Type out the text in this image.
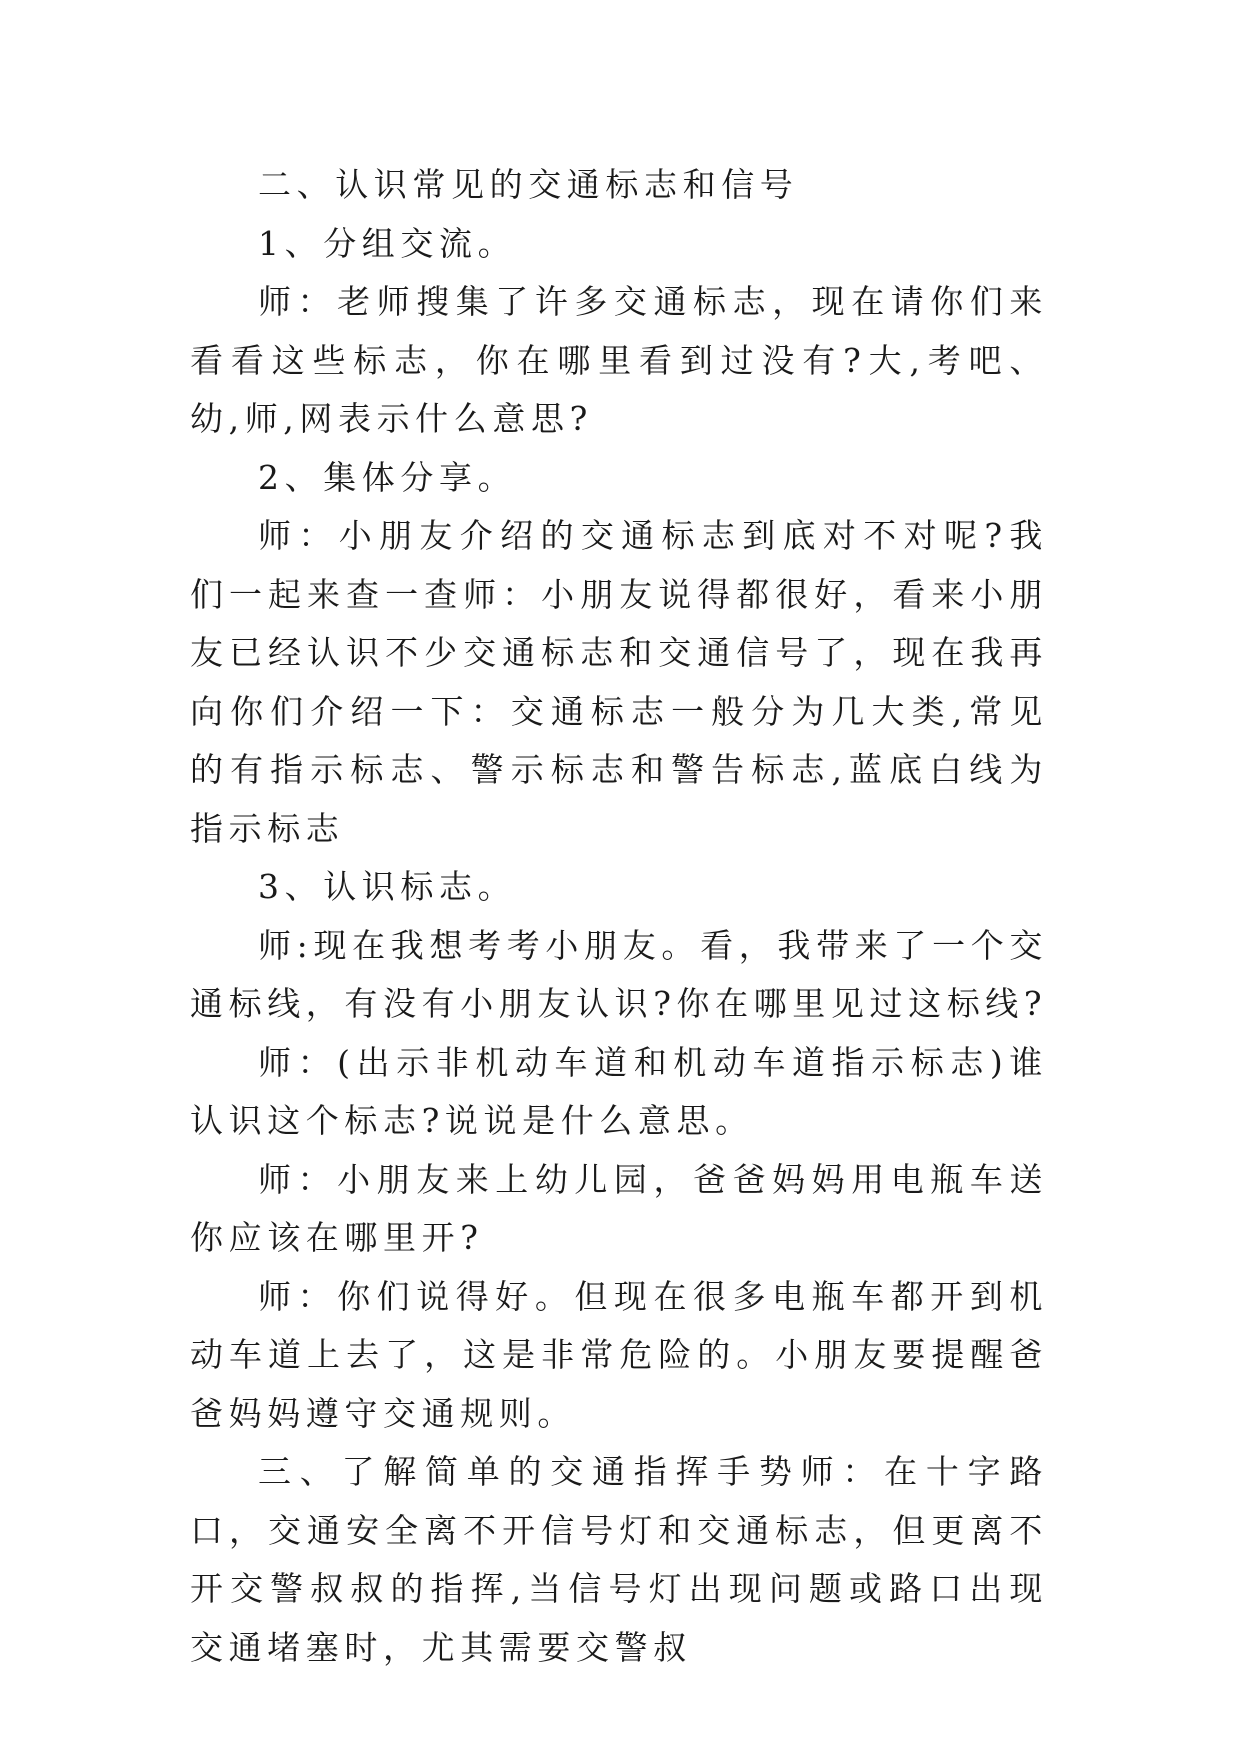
二、认识常见的交通标志和信号

1、分组交流。

师：老师搜集了许多交通标志，现在请你们来看看这些标志，你在哪里看到过没有?大,考吧、幼,师,网表示什么意思?

2、集体分享。

师：小朋友介绍的交通标志到底对不对呢?我们一起来查一查师：小朋友说得都很好，看来小朋友已经认识不少交通标志和交通信号了，现在我再向你们介绍一下：交通标志一般分为几大类,常见的有指示标志、警示标志和警告标志,蓝底白线为指示标志

3、认识标志。

师:现在我想考考小朋友。看，我带来了一个交通标线，有没有小朋友认识?你在哪里见过这标线?

师：(出示非机动车道和机动车道指示标志)谁认识这个标志?说说是什么意思。

师：小朋友来上幼儿园，爸爸妈妈用电瓶车送你应该在哪里开?

师：你们说得好。但现在很多电瓶车都开到机动车道上去了，这是非常危险的。小朋友要提醒爸爸妈妈遵守交通规则。

三、了解简单的交通指挥手势师：在十字路口，交通安全离不开信号灯和交通标志，但更离不开交警叔叔的指挥,当信号灯出现问题或路口出现交通堵塞时，尤其需要交警叔
